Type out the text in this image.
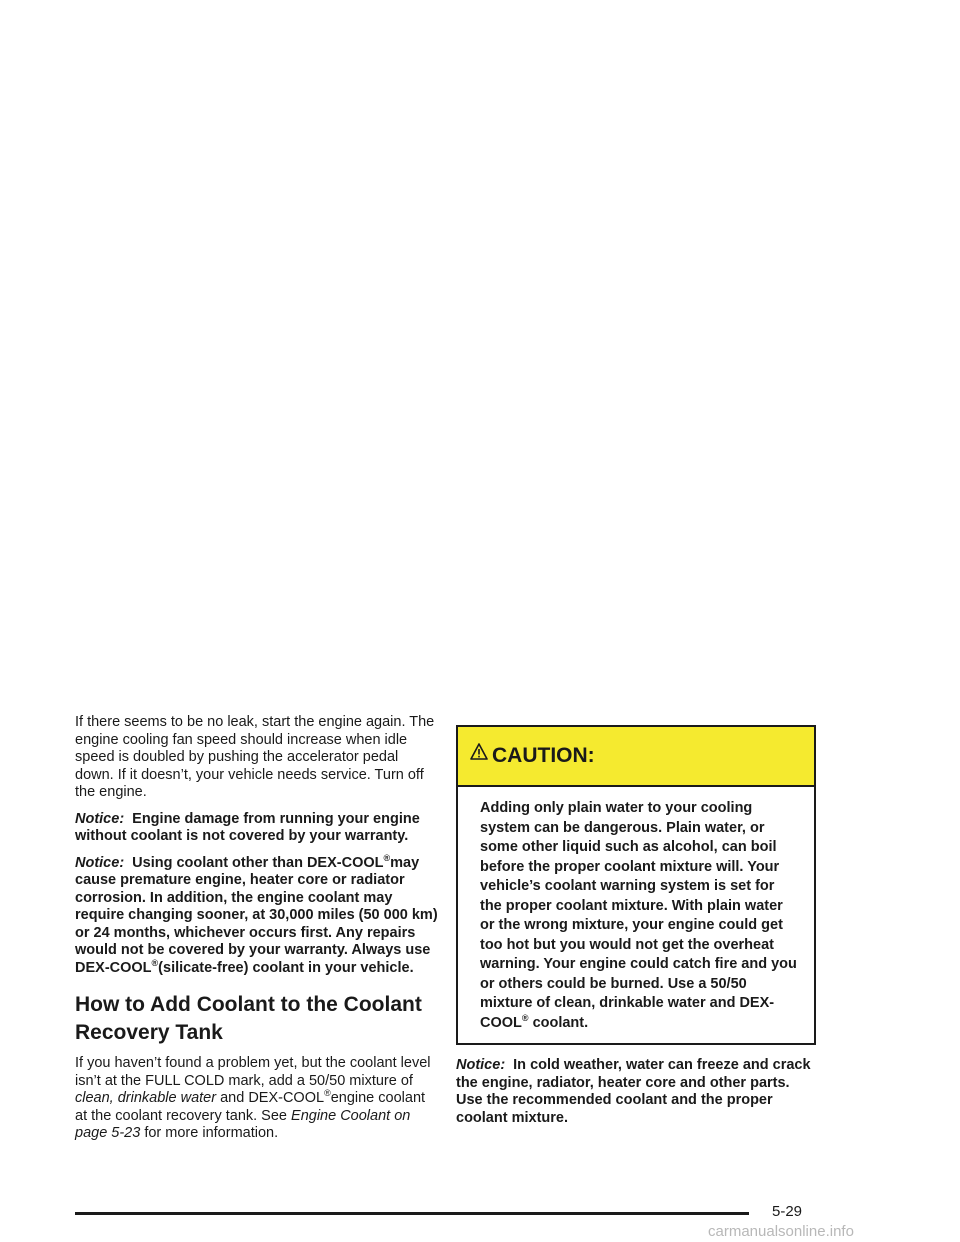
If there seems to be no leak, start the engine again. The engine cooling fan speed should increase when idle speed is doubled by pushing the accelerator pedal down. If it doesn’t, your vehicle needs service. Turn off the engine.

Notice: Engine damage from running your engine without coolant is not covered by your warranty.

Notice: Using coolant other than DEX-COOL®may cause premature engine, heater core or radiator corrosion. In addition, the engine coolant may require changing sooner, at 30,000 miles (50 000 km) or 24 months, whichever occurs first. Any repairs would not be covered by your warranty. Always use DEX-COOL®(silicate-free) coolant in your vehicle.

How to Add Coolant to the Coolant Recovery Tank

If you haven’t found a problem yet, but the coolant level isn’t at the FULL COLD mark, add a 50/50 mixture of clean, drinkable water and DEX-COOL®engine coolant at the coolant recovery tank. See Engine Coolant on page 5-23 for more information.

CAUTION:
Adding only plain water to your cooling system can be dangerous. Plain water, or some other liquid such as alcohol, can boil before the proper coolant mixture will. Your vehicle’s coolant warning system is set for the proper coolant mixture. With plain water or the wrong mixture, your engine could get too hot but you would not get the overheat warning. Your engine could catch fire and you or others could be burned. Use a 50/50 mixture of clean, drinkable water and DEX-COOL® coolant.

Notice: In cold weather, water can freeze and crack the engine, radiator, heater core and other parts. Use the recommended coolant and the proper coolant mixture.

5-29
carmanualsonline.info
